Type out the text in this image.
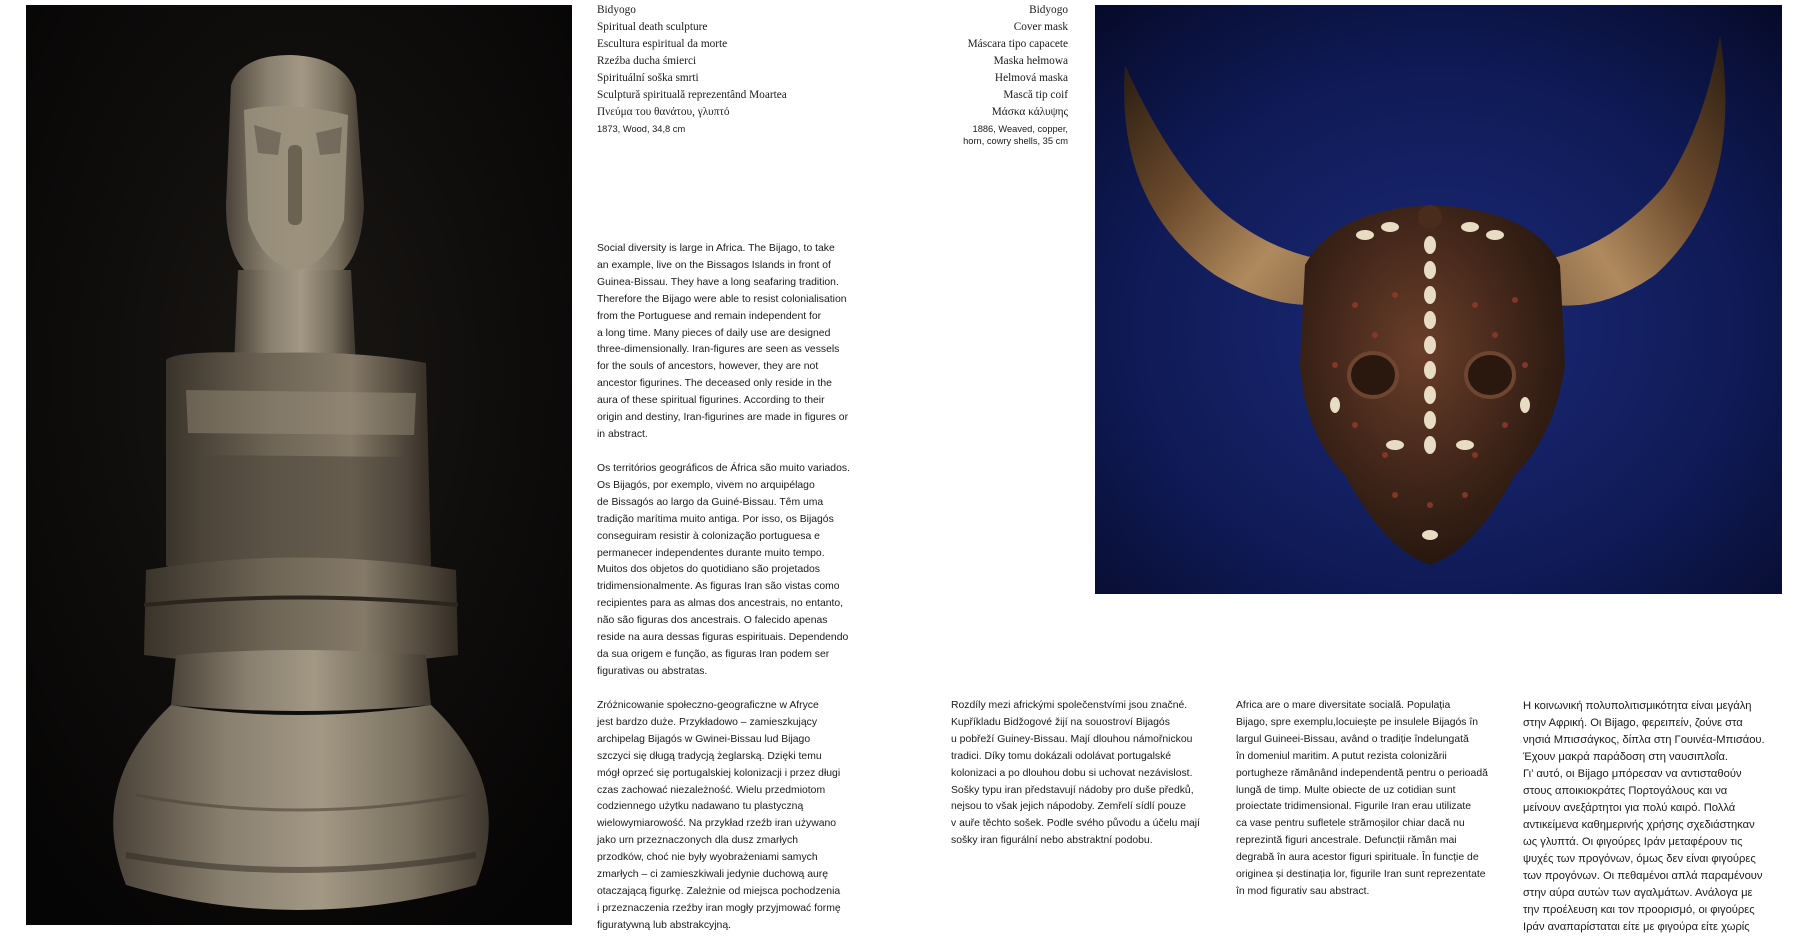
Bidyogo
Spiritual death sculpture
Escultura espiritual da morte
Rzeźba ducha śmierci
Spirituální soška smrti
Sculptură spirituală reprezentând Moartea
Πνεύμα του θανάτου, γλυπτό
1873, Wood, 34,8 cm
Bidyogo
Cover mask
Máscara tipo capacete
Maska hełmowa
Helmová maska
Mască tip coif
Μάσκα κάλυψης
1886, Weaved, copper,
horn, cowry shells, 35 cm
Social diversity is large in Africa. The Bijago, to take
an example, live on the Bissagos Islands in front of
Guinea-Bissau. They have a long seafaring tradition.
Therefore the Bijago were able to resist colonialisation
from the Portuguese and remain independent for
a long time. Many pieces of daily use are designed
three-dimensionally. Iran-figures are seen as vessels
for the souls of ancestors, however, they are not
ancestor figurines. The deceased only reside in the
aura of these spiritual figurines. According to their
origin and destiny, Iran-figurines are made in figures or
in abstract.
Os territórios geográficos de África são muito variados.
Os Bijagós, por exemplo, vivem no arquipélago
de Bissagós ao largo da Guiné-Bissau. Têm uma
tradição marítima muito antiga. Por isso, os Bijagós
conseguiram resistir à colonização portuguesa e
permanecer independentes durante muito tempo.
Muitos dos objetos do quotidiano são projetados
tridimensionalmente. As figuras Iran são vistas como
recipientes para as almas dos ancestrais, no entanto,
não são figuras dos ancestrais. O falecido apenas
reside na aura dessas figuras espirituais. Dependendo
da sua origem e função, as figuras Iran podem ser
figurativas ou abstratas.
Zróżnicowanie społeczno-geograficzne w Afryce
jest bardzo duże. Przykładowo – zamieszkujący
archipelag Bijagós w Gwinei-Bissau lud Bijago
szczyci się długą tradycją żeglarską. Dzięki temu
mógł oprzeć się portugalskiej kolonizacji i przez długi
czas zachować niezależność. Wielu przedmiotom
codziennego użytku nadawano tu plastyczną
wielowymiarowość. Na przykład rzeźb iran używano
jako urn przeznaczonych dla dusz zmarłych
przodków, choć nie były wyobrażeniami samych
zmarłych – ci zamieszkiwali jedynie duchową aurę
otaczającą figurkę. Zależnie od miejsca pochodzenia
i przeznaczenia rzeźby iran mogły przyjmować formę
figuratywną lub abstrakcyjną.
Rozdíly mezi africkými společenstvími jsou značné.
Kupříkladu Bidžogové žijí na souostroví Bijagós
u pobřeží Guiney-Bissau. Mají dlouhou námořnickou
tradici. Díky tomu dokázali odolávat portugalské
kolonizaci a po dlouhou dobu si uchovat nezávislost.
Sošky typu iran představují nádoby pro duše předků,
nejsou to však jejich nápodoby. Zemřelí sídlí pouze
v auře těchto sošek. Podle svého původu a účelu mají
sošky iran figurální nebo abstraktní podobu.
Africa are o mare diversitate socială. Populația
Bijago, spre exemplu,locuiește pe insulele Bijagós în
largul Guineei-Bissau, având o tradiție îndelungată
în domeniul maritim. A putut rezista colonizării
portugheze rămânând independentă pentru o perioadă
lungă de timp. Multe obiecte de uz cotidian sunt
proiectate tridimensional. Figurile Iran erau utilizate
ca vase pentru sufletele strămoșilor chiar dacă nu
reprezintă figuri ancestrale. Defuncții rămân mai
degrabă în aura acestor figuri spirituale. În funcție de
originea și destinația lor, figurile Iran sunt reprezentate
în mod figurativ sau abstract.
Η κοινωνική πολυπολιτισμικότητα είναι μεγάλη
στην Αφρική. Οι Bijago, φερειπείν, ζούνε στα
νησιά Μπισσάγκος, δίπλα στη Γουινέα-Μπισάου.
Έχουν μακρά παράδοση στη ναυσιπλοΐα.
Γι’ αυτό, οι Bijago μπόρεσαν να αντισταθούν
στους αποικιοκράτες Πορτογάλους και να
μείνουν ανεξάρτητοι για πολύ καιρό. Πολλά
αντικείμενα καθημερινής χρήσης σχεδιάστηκαν
ως γλυπτά. Οι φιγούρες Ιράν μεταφέρουν τις
ψυχές των προγόνων, όμως δεν είναι φιγούρες
των προγόνων. Οι πεθαμένοι απλά παραμένουν
στην αύρα αυτών των αγαλμάτων. Ανάλογα με
την προέλευση και τον προορισμό, οι φιγούρες
Ιράν αναπαρίσταται είτε με φιγούρα είτε χωρίς
